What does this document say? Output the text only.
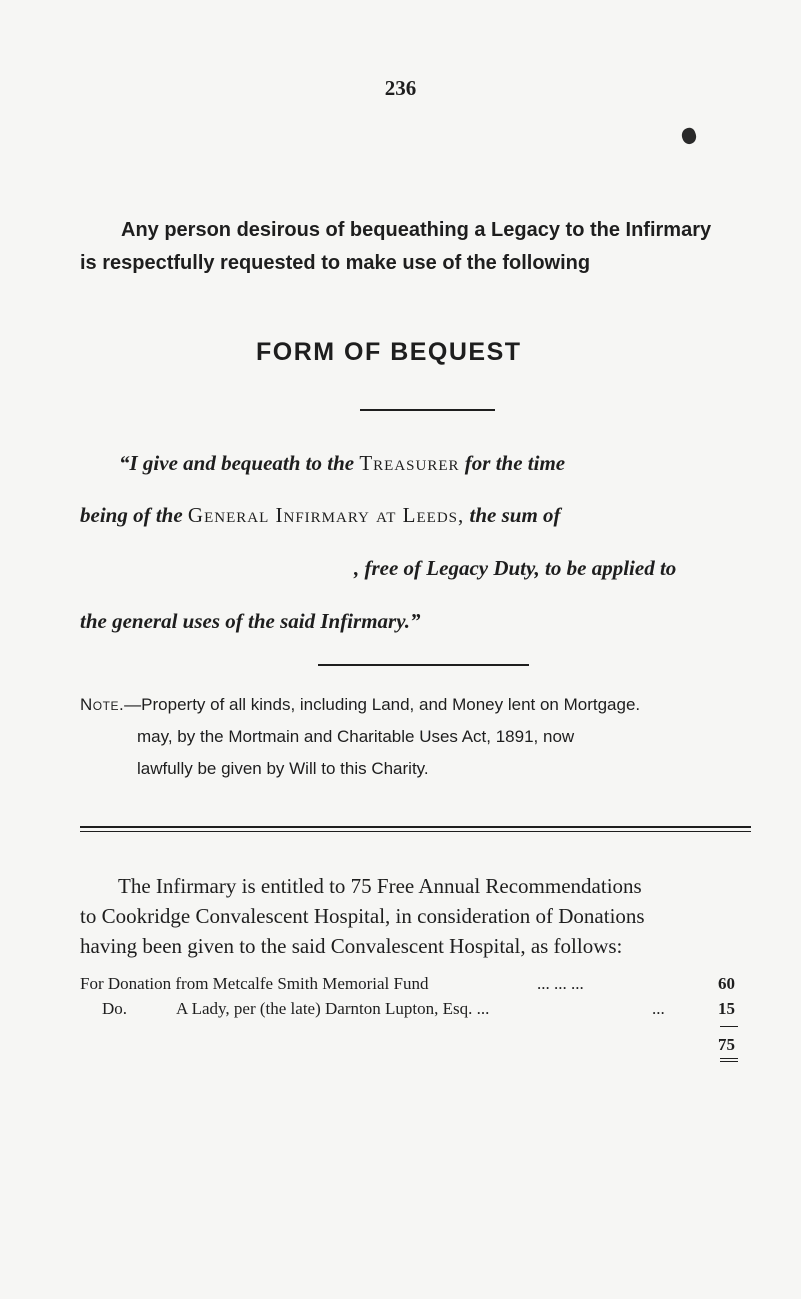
236
Any person desirous of bequeathing a Legacy to the Infirmary
is respectfully requested to make use of the following
FORM OF BEQUEST
“I give and bequeath to the Treasurer for the time
being of the General Infirmary at Leeds, the sum of
, free of Legacy Duty, to be applied to
the general uses of the said Infirmary.”
Note.—Property of all kinds, including Land, and Money lent on Mortgage.
may, by the Mortmain and Charitable Uses Act, 1891, now
lawfully be given by Will to this Charity.
The Infirmary is entitled to 75 Free Annual Recommendations
to Cookridge Convalescent Hospital, in consideration of Donations
having been given to the said Convalescent Hospital, as follows:
For Donation from Metcalfe Smith Memorial Fund	... ... ...	60
Do.	A Lady, per (the late) Darnton Lupton, Esq. ...	...	15
75
